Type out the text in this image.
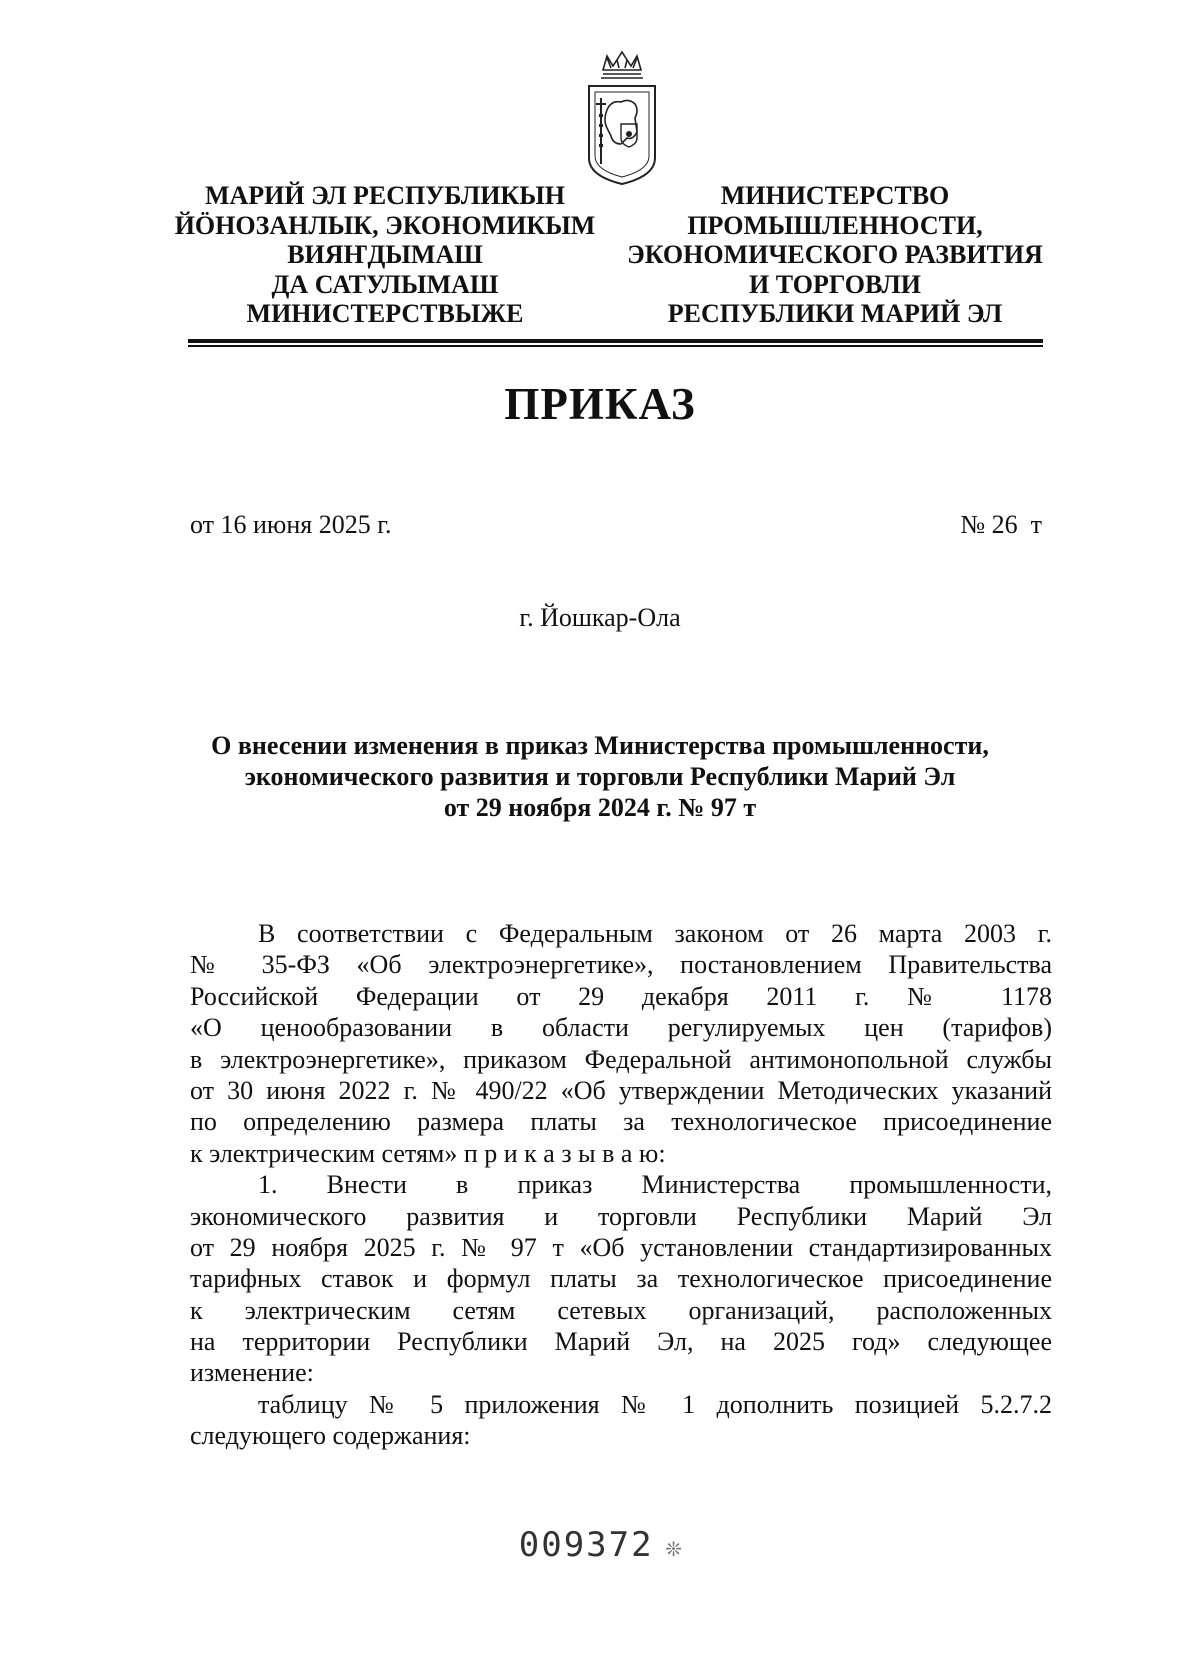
МАРИЙ ЭЛ РЕСПУБЛИКЫН
ЙӦНОЗАНЛЫК, ЭКОНОМИКЫМ
ВИЯҤДЫМАШ
ДА САТУЛЫМАШ
МИНИСТЕРСТВЫЖЕ
МИНИСТЕРСТВО
ПРОМЫШЛЕННОСТИ,
ЭКОНОМИЧЕСКОГО РАЗВИТИЯ
И ТОРГОВЛИ
РЕСПУБЛИКИ МАРИЙ ЭЛ
ПРИКАЗ
от 16 июня 2025 г.	№ 26  т
г. Йошкар-Ола
О внесении изменения в приказ Министерства промышленности,
экономического развития и торговли Республики Марий Эл
от 29 ноября 2024 г. № 97 т
В соответствии с Федеральным законом от 26 марта 2003 г.
№ 35-ФЗ «Об электроэнергетике», постановлением Правительства
Российской Федерации от 29 декабря 2011 г. № 1178
«О ценообразовании в области регулируемых цен (тарифов)
в электроэнергетике», приказом Федеральной антимонопольной службы
от 30 июня 2022 г. № 490/22 «Об утверждении Методических указаний
по определению размера платы за технологическое присоединение
к электрическим сетям» п р и к а з ы в а ю:
1. Внести в приказ Министерства промышленности,
экономического развития и торговли Республики Марий Эл
от 29 ноября 2025 г. № 97 т «Об установлении стандартизированных
тарифных ставок и формул платы за технологическое присоединение
к электрическим сетям сетевых организаций, расположенных
на территории Республики Марий Эл, на 2025 год» следующее
изменение:
таблицу № 5 приложения № 1 дополнить позицией 5.2.7.2
следующего содержания:
009372 ❊
